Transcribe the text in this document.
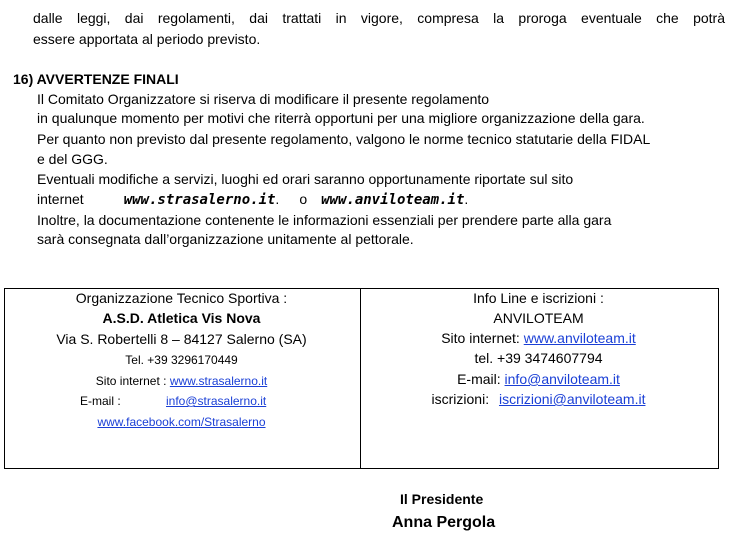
dalle leggi, dai regolamenti, dai trattati in vigore, compresa la proroga eventuale che potrà
essere apportata al periodo previsto.
16) AVVERTENZE FINALI
Il Comitato Organizzatore si riserva di modificare il presente regolamento
in qualunque momento per motivi che riterrà opportuni per una migliore organizzazione della gara.
Per quanto non previsto dal presente regolamento, valgono le norme tecnico statutarie della FIDAL
e del GGG.
Eventuali modifiche a servizi, luoghi ed orari saranno opportunamente riportate sul sito
internet	www.strasalerno.it. o www.anviloteam.it.
Inoltre, la documentazione contenente le informazioni essenziali per prendere parte alla gara
sarà consegnata dall’organizzazione unitamente al pettorale.
Organizzazione Tecnico Sportiva :
A.S.D. Atletica Vis Nova
Via S. Robertelli 8 – 84127 Salerno (SA)
Tel. +39 3296170449
Sito internet : www.strasalerno.it
E-mail :	info@strasalerno.it
www.facebook.com/Strasalerno
Info Line e iscrizioni :
ANVILOTEAM
Sito internet: www.anviloteam.it
tel. +39 3474607794
E-mail: info@anviloteam.it
iscrizioni: iscrizioni@anviloteam.it
Il Presidente
Anna Pergola
